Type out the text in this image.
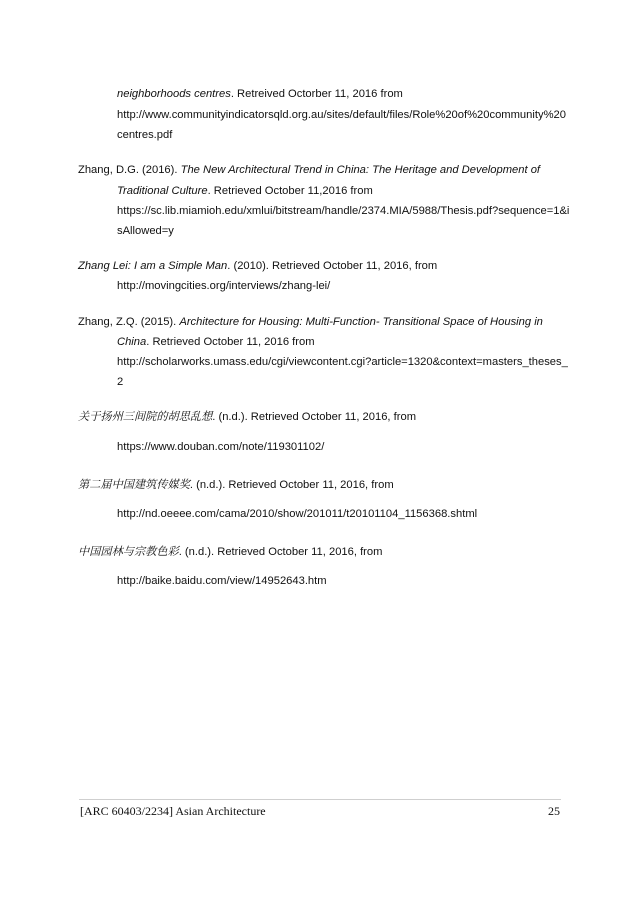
neighborhoods centres. Retreived Octorber 11, 2016 from
http://www.communityindicatorsqld.org.au/sites/default/files/Role%20of%20community%20
centres.pdf
Zhang, D.G. (2016). The New Architectural Trend in China: The Heritage and Development of
Traditional Culture. Retrieved October 11,2016 from
https://sc.lib.miamioh.edu/xmlui/bitstream/handle/2374.MIA/5988/Thesis.pdf?sequence=1&i
sAllowed=y
Zhang Lei: I am a Simple Man. (2010). Retrieved October 11, 2016, from
http://movingcities.org/interviews/zhang-lei/
Zhang, Z.Q. (2015). Architecture for Housing: Multi-Function- Transitional Space of Housing in
China. Retrieved October 11, 2016 from
http://scholarworks.umass.edu/cgi/viewcontent.cgi?article=1320&context=masters_theses_
2
关于扬州三间院的胡思乱想. (n.d.). Retrieved October 11, 2016, from
https://www.douban.com/note/119301102/
第二届中国建筑传媒奖. (n.d.). Retrieved October 11, 2016, from
http://nd.oeeee.com/cama/2010/show/201011/t20101104_1156368.shtml
中国园林与宗教色彩. (n.d.). Retrieved October 11, 2016, from
http://baike.baidu.com/view/14952643.htm
[ARC 60403/2234] Asian Architecture	25
